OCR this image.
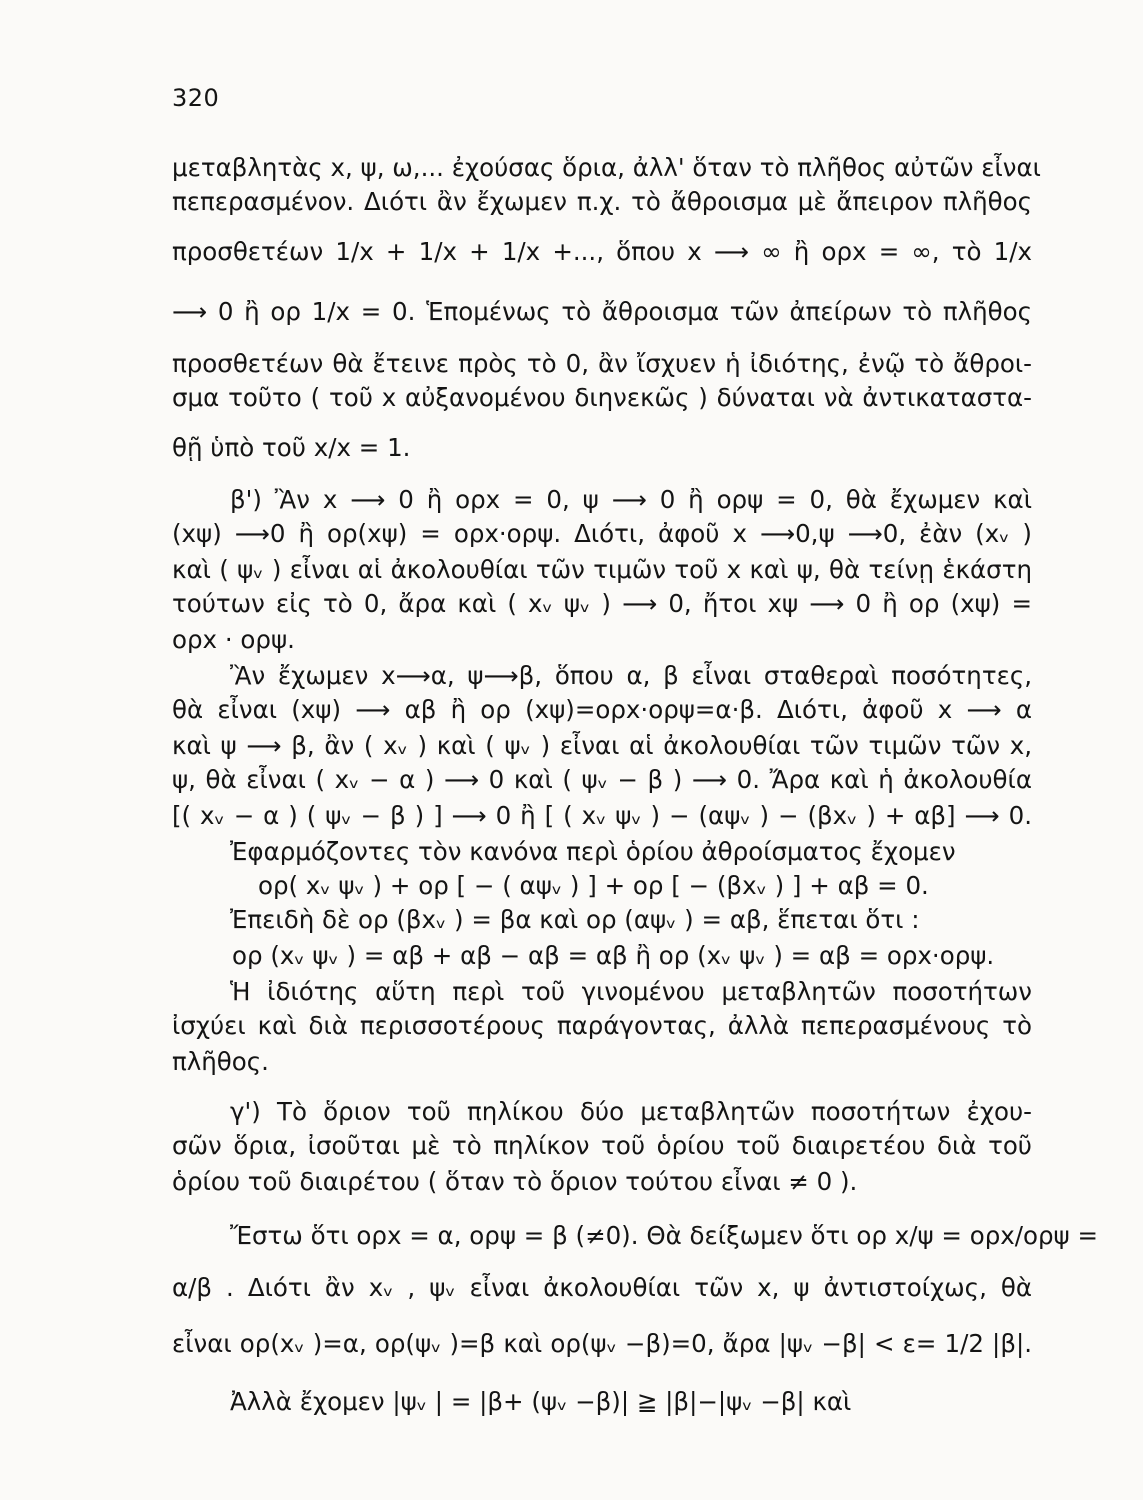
320
μεταβλητὰς x, ψ, ω,... ἐχούσας ὅρια, ἀλλ' ὅταν τὸ πλῆθος αὐτῶν εἶναι
πεπερασμένον. Διότι ἂν ἔχωμεν π.χ. τὸ ἄθροισμα μὲ ἄπειρον πλῆθος
προσθετέων 1/x + 1/x + 1/x +..., ὅπου x ⟶ ∞ ἢ ορx = ∞, τὸ 1/x
⟶ 0 ἢ ορ 1/x = 0. Ἑπομένως τὸ ἄθροισμα τῶν ἀπείρων τὸ πλῆθος
προσθετέων θὰ ἔτεινε πρὸς τὸ 0, ἂν ἴσχυεν ἡ ἰδιότης, ἐνῷ τὸ ἄθροι-
σμα τοῦτο ( τοῦ x αὐξανομένου διηνεκῶς ) δύναται νὰ ἀντικαταστα-
θῇ ὑπὸ τοῦ x/x = 1.
β') Ἂν x ⟶ 0 ἢ ορx = 0, ψ ⟶ 0 ἢ ορψ = 0, θὰ ἔχωμεν καὶ
(xψ) ⟶0 ἢ ορ(xψ) = ορx·ορψ. Διότι, ἀφοῦ x ⟶0,ψ ⟶0, ἐὰν (xᵥ )
καὶ ( ψᵥ ) εἶναι αἱ ἀκολουθίαι τῶν τιμῶν τοῦ x καὶ ψ, θὰ τείνῃ ἑκάστη
τούτων εἰς τὸ 0, ἄρα καὶ ( xᵥ ψᵥ ) ⟶ 0, ἤτοι xψ ⟶ 0 ἢ ορ (xψ) =
ορx · ορψ.
Ἂν ἔχωμεν x⟶α, ψ⟶β, ὅπου α, β εἶναι σταθεραὶ ποσότητες,
θὰ εἶναι (xψ) ⟶ αβ ἢ ορ (xψ)=ορx·ορψ=α·β. Διότι, ἀφοῦ x ⟶ α
καὶ ψ ⟶ β, ἂν ( xᵥ ) καὶ ( ψᵥ ) εἶναι αἱ ἀκολουθίαι τῶν τιμῶν τῶν x,
ψ, θὰ εἶναι ( xᵥ − α ) ⟶ 0 καὶ ( ψᵥ − β ) ⟶ 0. Ἄρα καὶ ἡ ἀκολουθία
[( xᵥ − α ) ( ψᵥ − β ) ] ⟶ 0 ἢ [ ( xᵥ ψᵥ ) − (αψᵥ ) − (βxᵥ ) + αβ] ⟶ 0.
Ἐφαρμόζοντες τὸν κανόνα περὶ ὁρίου ἀθροίσματος ἔχομεν
ορ( xᵥ ψᵥ ) + ορ [ − ( αψᵥ ) ] + ορ [ − (βxᵥ ) ] + αβ = 0.
Ἐπειδὴ δὲ ορ (βxᵥ ) = βα καὶ ορ (αψᵥ ) = αβ, ἕπεται ὅτι :
ορ (xᵥ ψᵥ ) = αβ + αβ − αβ = αβ ἢ ορ (xᵥ ψᵥ ) = αβ = ορx·ορψ.
Ἡ ἰδιότης αὕτη περὶ τοῦ γινομένου μεταβλητῶν ποσοτήτων
ἰσχύει καὶ διὰ περισσοτέρους παράγοντας, ἀλλὰ πεπερασμένους τὸ
πλῆθος.
γ') Τὸ ὅριον τοῦ πηλίκου δύο μεταβλητῶν ποσοτήτων ἐχου-
σῶν ὅρια, ἰσοῦται μὲ τὸ πηλίκον τοῦ ὁρίου τοῦ διαιρετέου διὰ τοῦ
ὁρίου τοῦ διαιρέτου ( ὅταν τὸ ὅριον τούτου εἶναι ≠ 0 ).
Ἔστω ὅτι ορx = α, ορψ = β (≠0). Θὰ δείξωμεν ὅτι ορ x/ψ = ορx/ορψ =
α/β . Διότι ἂν xᵥ , ψᵥ εἶναι ἀκολουθίαι τῶν x, ψ ἀντιστοίχως, θὰ
εἶναι ορ(xᵥ )=α, ορ(ψᵥ )=β καὶ ορ(ψᵥ −β)=0, ἄρα |ψᵥ −β| < ε= 1/2 |β|.
Ἀλλὰ ἔχομεν |ψᵥ | = |β+ (ψᵥ −β)| ≧ |β|−|ψᵥ −β| καὶ
